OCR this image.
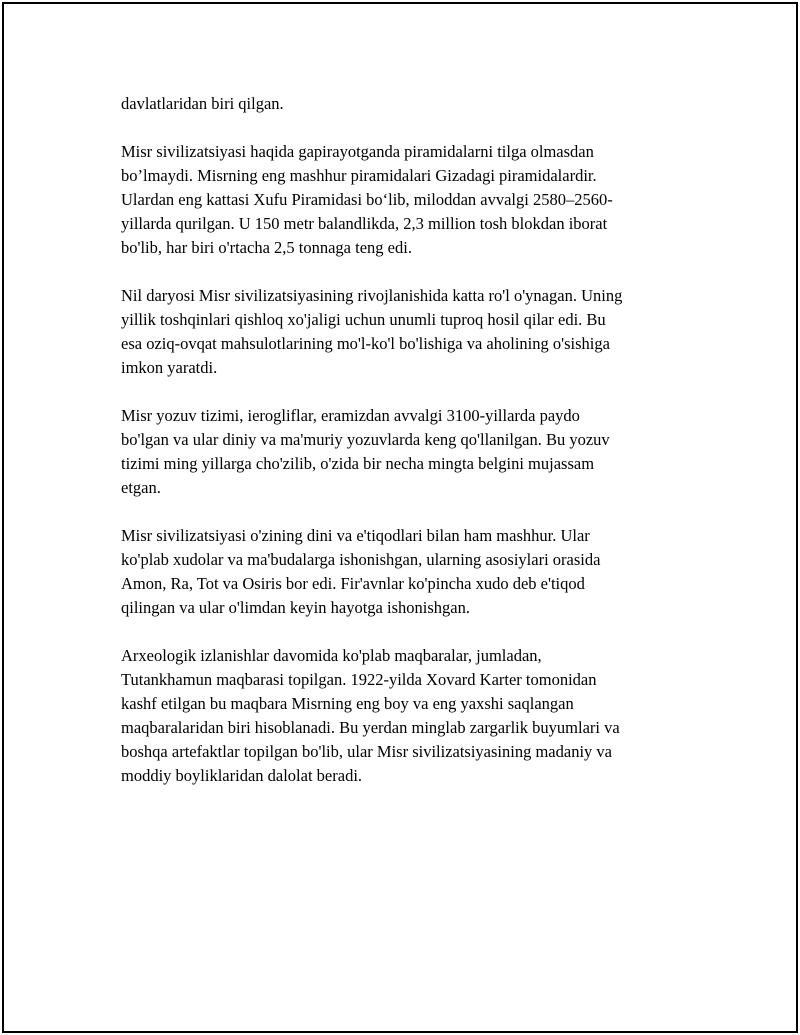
davlatlaridan biri qilgan.

Misr sivilizatsiyasi haqida gapirayotganda piramidalarni tilga olmasdan
bo’lmaydi. Misrning eng mashhur piramidalari Gizadagi piramidalardir.
Ulardan eng kattasi Xufu Piramidasi bo‘lib, miloddan avvalgi 2580–2560-
yillarda qurilgan. U 150 metr balandlikda, 2,3 million tosh blokdan iborat
bo'lib, har biri o'rtacha 2,5 tonnaga teng edi.

Nil daryosi Misr sivilizatsiyasining rivojlanishida katta ro'l o'ynagan. Uning
yillik toshqinlari qishloq xo'jaligi uchun unumli tuproq hosil qilar edi. Bu
esa oziq-ovqat mahsulotlarining mo'l-ko'l bo'lishiga va aholining o'sishiga
imkon yaratdi.

Misr yozuv tizimi, ierogliflar, eramizdan avvalgi 3100-yillarda paydo
bo'lgan va ular diniy va ma'muriy yozuvlarda keng qo'llanilgan. Bu yozuv
tizimi ming yillarga cho'zilib, o'zida bir necha mingta belgini mujassam
etgan.

Misr sivilizatsiyasi o'zining dini va e'tiqodlari bilan ham mashhur. Ular
ko'plab xudolar va ma'budalarga ishonishgan, ularning asosiylari orasida
Amon, Ra, Tot va Osiris bor edi. Fir'avnlar ko'pincha xudo deb e'tiqod
qilingan va ular o'limdan keyin hayotga ishonishgan.

Arxeologik izlanishlar davomida ko'plab maqbaralar, jumladan,
Tutankhamun maqbarasi topilgan. 1922-yilda Xovard Karter tomonidan
kashf etilgan bu maqbara Misrning eng boy va eng yaxshi saqlangan
maqbaralaridan biri hisoblanadi. Bu yerdan minglab zargarlik buyumlari va
boshqa artefaktlar topilgan bo'lib, ular Misr sivilizatsiyasining madaniy va
moddiy boyliklaridan dalolat beradi.
